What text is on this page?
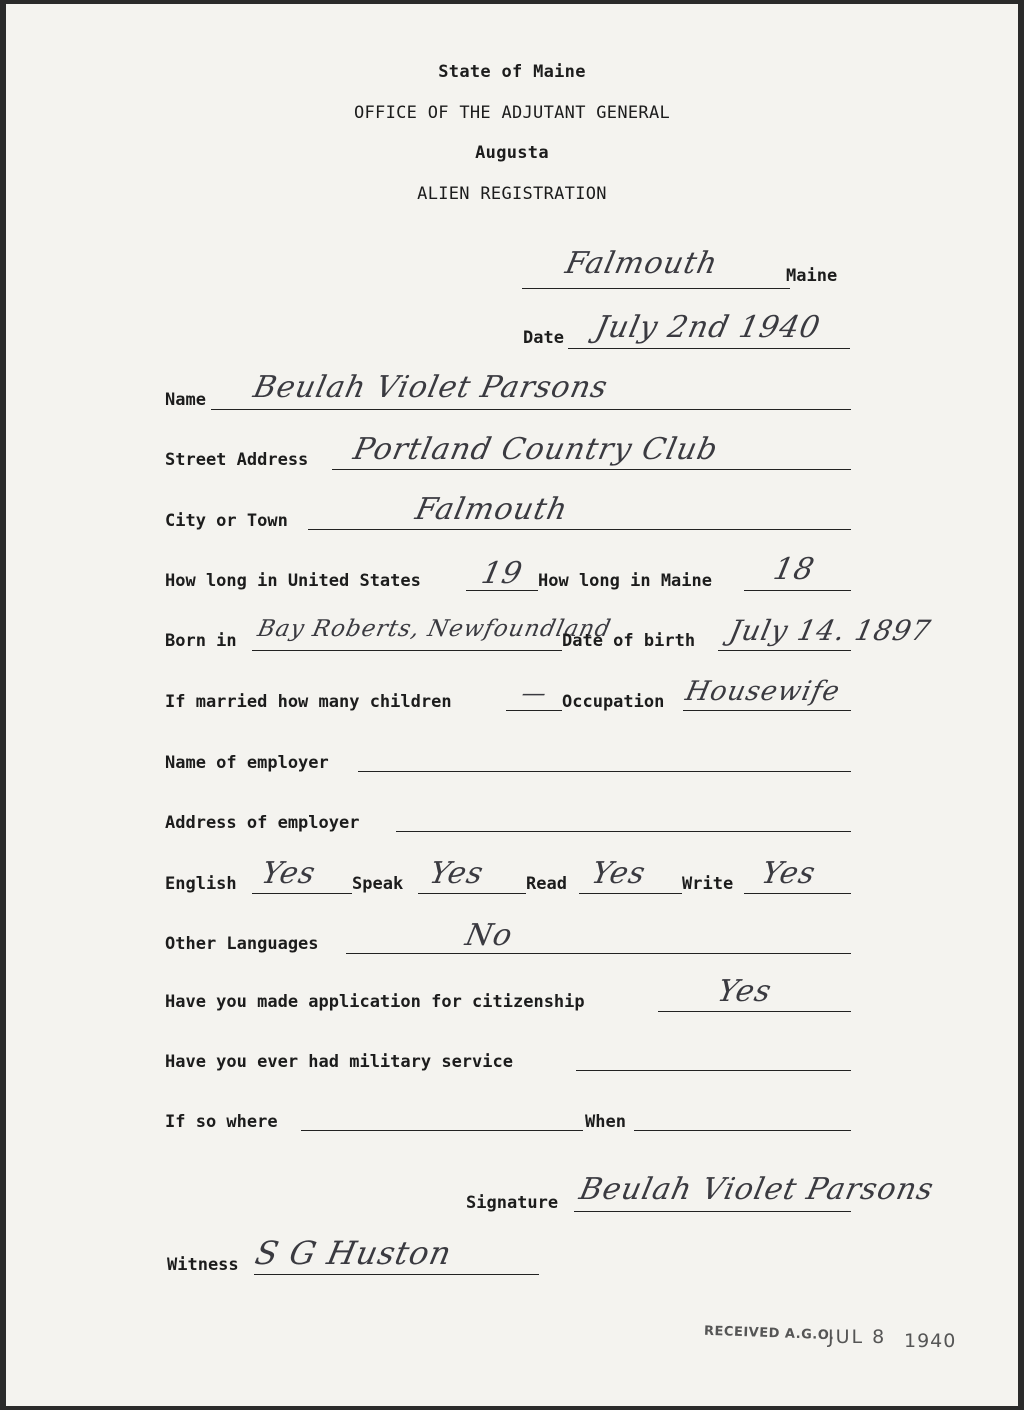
State of Maine
OFFICE OF THE ADJUTANT GENERAL
Augusta
ALIEN REGISTRATION
Falmouth	Maine
Date July 2nd 1940
Name Beulah Violet Parsons
Street Address Portland Country Club
City or Town	Falmouth
How long in United States 19 How long in Maine 18
Born in Bay Roberts, Newfoundland
Date of birth July 14. 1897
If married how many children	— Occupation Housewife
Name of employer
Address of employer
English Yes Speak Yes Read Yes Write Yes
Other Languages	No
Have you made application for citizenship	Yes
Have you ever had military service
If so where	When
Signature Beulah Violet Parsons
Witness S G Huston
RECEIVED A.G.O.
JUL 8 1940
